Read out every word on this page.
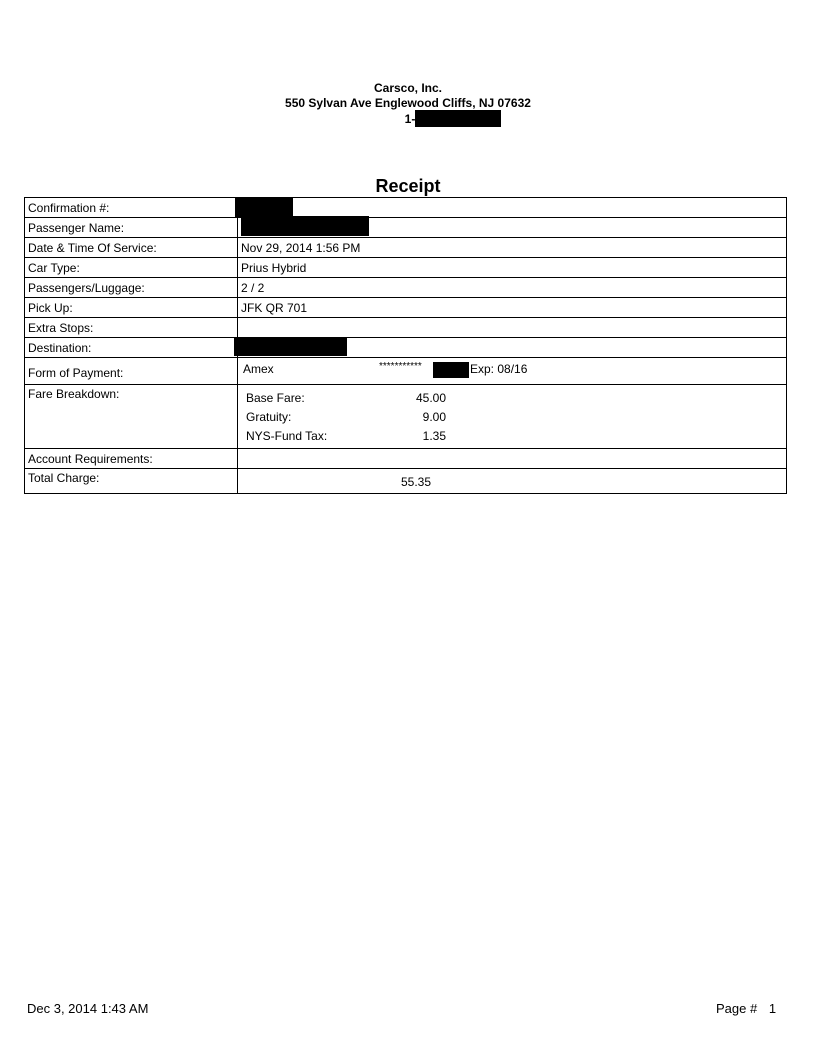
Carsco, Inc.
550 Sylvan Ave Englewood Cliffs, NJ 07632
1-
Receipt
Confirmation #:	

Passenger Name:	

Date & Time Of Service:	Nov 29, 2014 1:56 PM
Car Type:	Prius Hybrid
Passengers/Luggage:	2 / 2
Pick Up:	JFK QR 701
Extra Stops:	
Destination:	

Form of Payment:	Amex	***********	Exp: 08/16

Fare Breakdown:		Base Fare:	45.00
Gratuity:	9.00
NYS-Fund Tax:	1.35

Account Requirements:	
Total Charge:	55.35
Dec 3, 2014 1:43 AM	Page # 1
